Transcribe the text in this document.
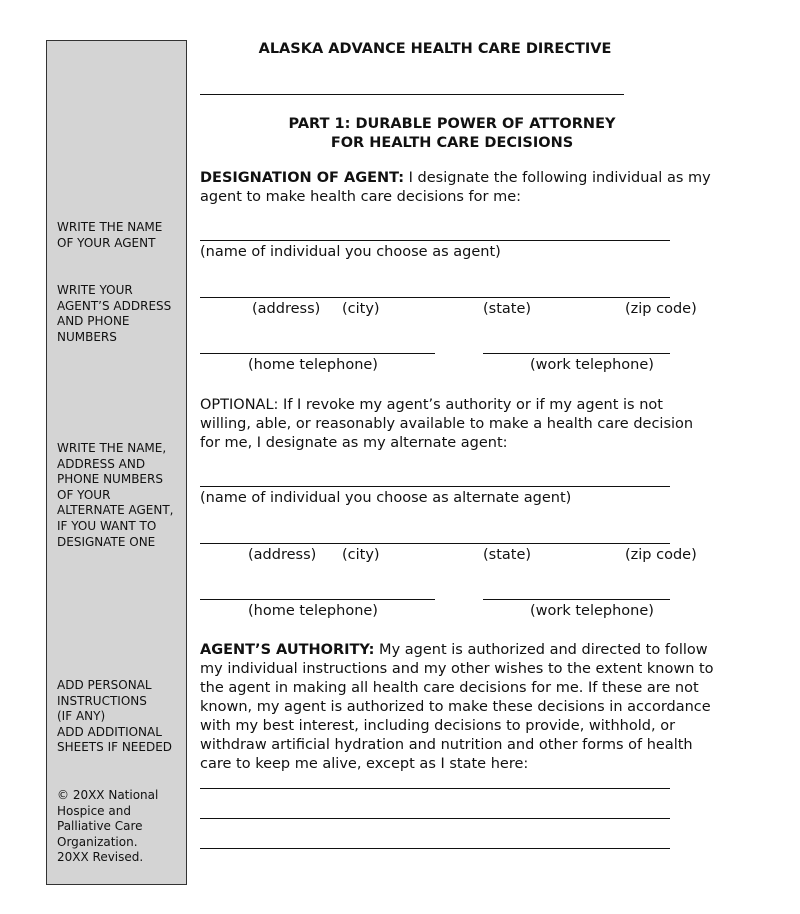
WRITE THE NAME
OF YOUR AGENT
WRITE YOUR
AGENT’S ADDRESS
AND PHONE
NUMBERS
WRITE THE NAME,
ADDRESS AND
PHONE NUMBERS
OF YOUR
ALTERNATE AGENT,
IF YOU WANT TO
DESIGNATE ONE
ADD PERSONAL
INSTRUCTIONS
(IF ANY)
ADD ADDITIONAL
SHEETS IF NEEDED
© 20XX National
Hospice and
Palliative Care
Organization.
20XX Revised.
ALASKA ADVANCE HEALTH CARE DIRECTIVE
PART 1: DURABLE POWER OF ATTORNEY
FOR HEALTH CARE DECISIONS
DESIGNATION OF AGENT: I designate the following individual as my agent to make health care decisions for me:
(name of individual you choose as agent)
(address) (city)	(state)	(zip code)
(home telephone)	(work telephone)
OPTIONAL: If I revoke my agent’s authority or if my agent is not willing, able, or reasonably available to make a health care decision for me, I designate as my alternate agent:
(name of individual you choose as alternate agent)
(address) (city)	(state)	(zip code)
(home telephone)	(work telephone)
AGENT’S AUTHORITY: My agent is authorized and directed to follow my individual instructions and my other wishes to the extent known to the agent in making all health care decisions for me. If these are not known, my agent is authorized to make these decisions in accordance with my best interest, including decisions to provide, withhold, or withdraw artificial hydration and nutrition and other forms of health care to keep me alive, except as I state here:
